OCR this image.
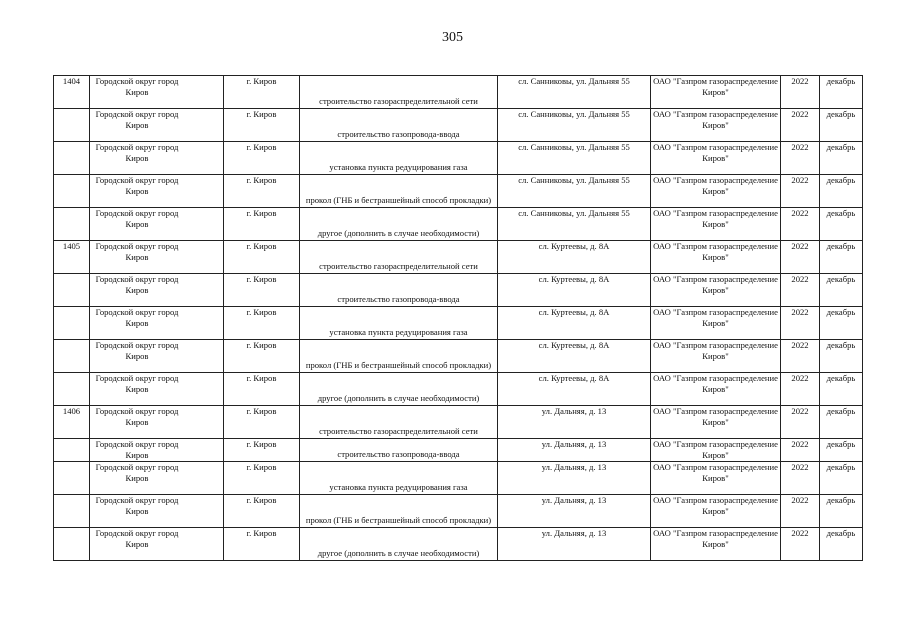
305
1404	Городской округ город Киров	г. Киров	строительство газораспределительной сети	сл. Санниковы, ул. Дальняя 55	ОАО "Газпром газораспределение Киров"	2022	декабрь

	Городской округ город Киров	г. Киров	строительство газопровода-ввода	сл. Санниковы, ул. Дальняя 55	ОАО "Газпром газораспределение Киров"	2022	декабрь

	Городской округ город Киров	г. Киров	установка пункта редуцирования газа	сл. Санниковы, ул. Дальняя 55	ОАО "Газпром газораспределение Киров"	2022	декабрь

	Городской округ город Киров	г. Киров	прокол (ГНБ и бестраншейный способ прокладки)	сл. Санниковы, ул. Дальняя 55	ОАО "Газпром газораспределение Киров"	2022	декабрь

	Городской округ город Киров	г. Киров	другое (дополнить в случае необходимости)	сл. Санниковы, ул. Дальняя 55	ОАО "Газпром газораспределение Киров"	2022	декабрь

1405	Городской округ город Киров	г. Киров	строительство газораспределительной сети	сл. Куртеевы, д. 8А	ОАО "Газпром газораспределение Киров"	2022	декабрь

	Городской округ город Киров	г. Киров	строительство газопровода-ввода	сл. Куртеевы, д. 8А	ОАО "Газпром газораспределение Киров"	2022	декабрь

	Городской округ город Киров	г. Киров	установка пункта редуцирования газа	сл. Куртеевы, д. 8А	ОАО "Газпром газораспределение Киров"	2022	декабрь

	Городской округ город Киров	г. Киров	прокол (ГНБ и бестраншейный способ прокладки)	сл. Куртеевы, д. 8А	ОАО "Газпром газораспределение Киров"	2022	декабрь

	Городской округ город Киров	г. Киров	другое (дополнить в случае необходимости)	сл. Куртеевы, д. 8А	ОАО "Газпром газораспределение Киров"	2022	декабрь

1406	Городской округ город Киров	г. Киров	строительство газораспределительной сети	ул. Дальняя, д. 13	ОАО "Газпром газораспределение Киров"	2022	декабрь

	Городской округ город Киров	г. Киров	строительство газопровода-ввода	ул. Дальняя, д. 13	ОАО "Газпром газораспределение Киров"	2022	декабрь

	Городской округ город Киров	г. Киров	установка пункта редуцирования газа	ул. Дальняя, д. 13	ОАО "Газпром газораспределение Киров"	2022	декабрь

	Городской округ город Киров	г. Киров	прокол (ГНБ и бестраншейный способ прокладки)	ул. Дальняя, д. 13	ОАО "Газпром газораспределение Киров"	2022	декабрь

	Городской округ город Киров	г. Киров	другое (дополнить в случае необходимости)	ул. Дальняя, д. 13	ОАО "Газпром газораспределение Киров"	2022	декабрь
